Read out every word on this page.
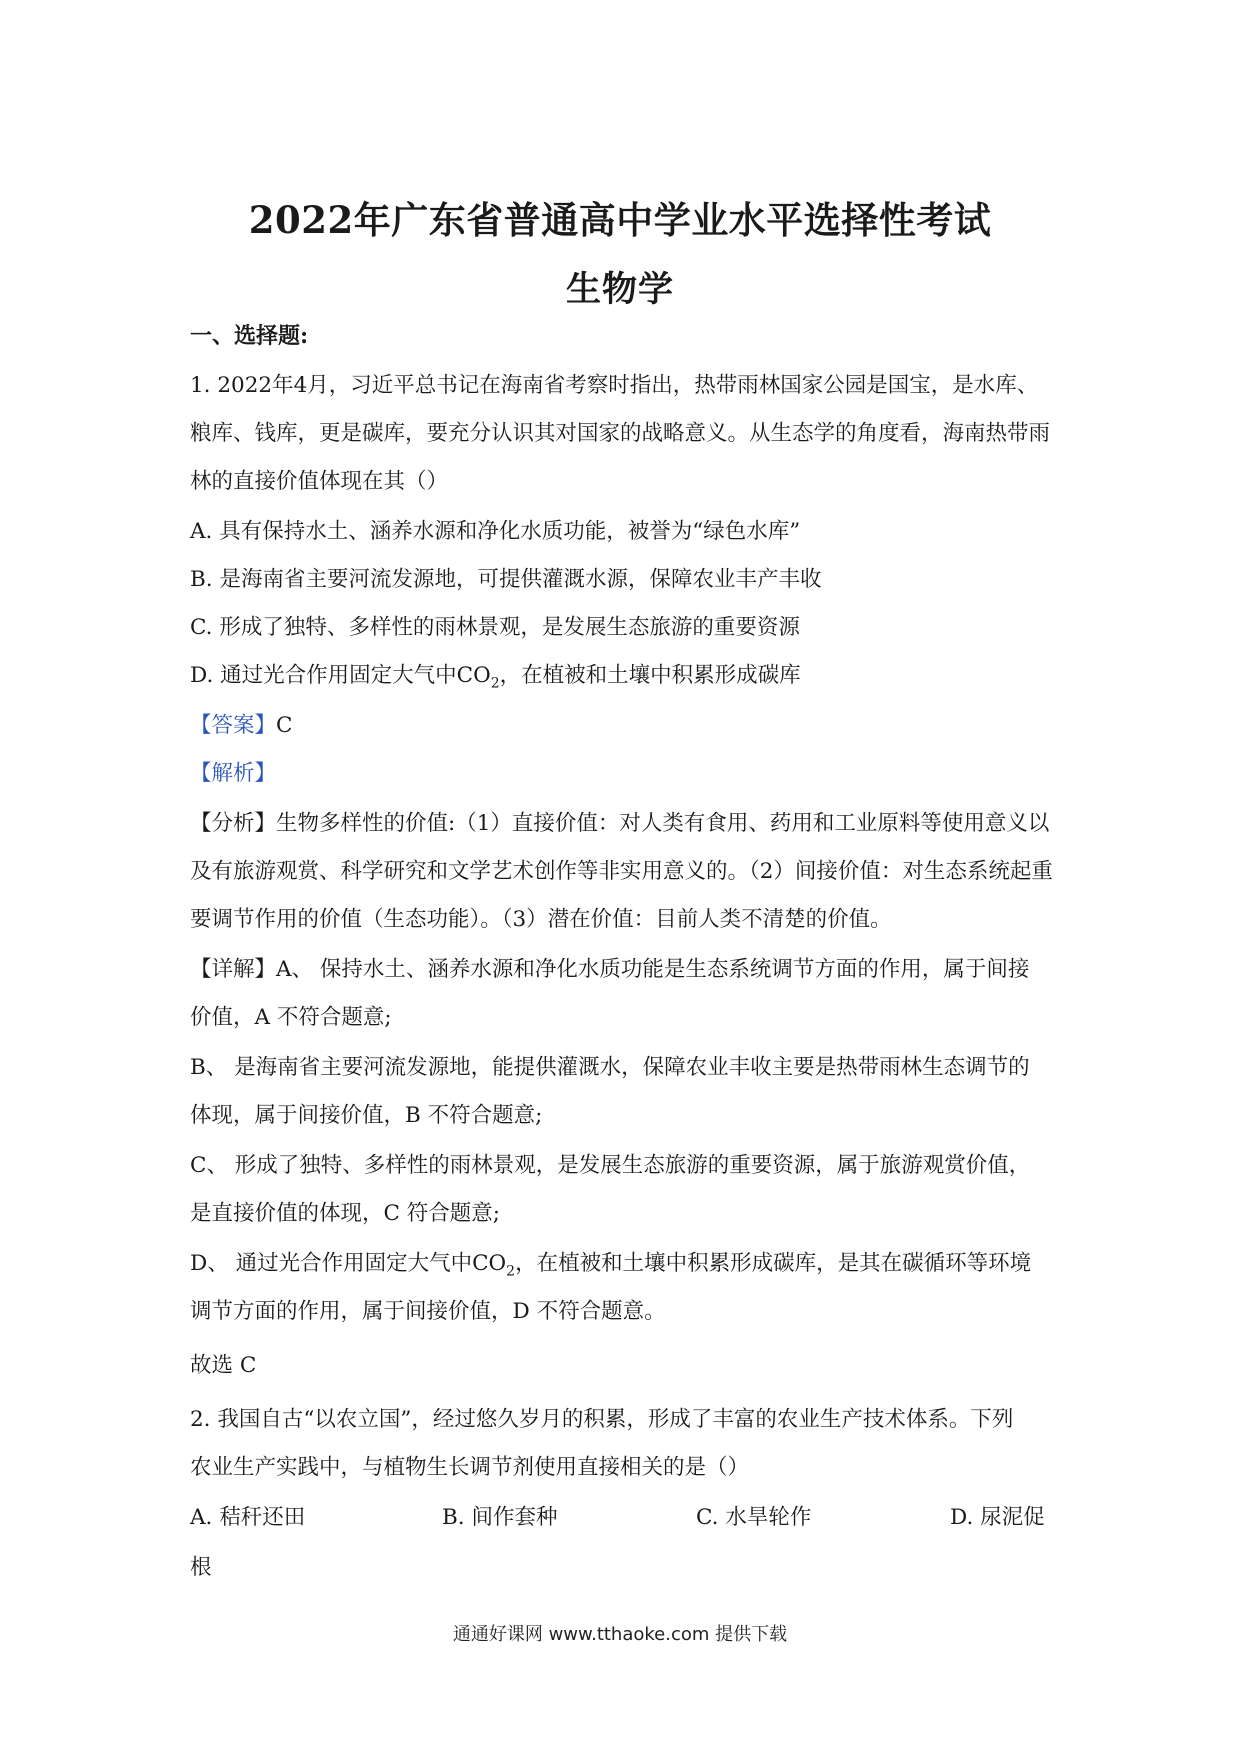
2022年广东省普通高中学业水平选择性考试
生物学
一、选择题:
1. 2022年4月，习近平总书记在海南省考察时指出，热带雨林国家公园是国宝，是水库、
粮库、钱库，更是碳库，要充分认识其对国家的战略意义。从生态学的角度看，海南热带雨
林的直接价值体现在其（）
A. 具有保持水土、涵养水源和净化水质功能，被誉为“绿色水库”
B. 是海南省主要河流发源地，可提供灌溉水源，保障农业丰产丰收
C. 形成了独特、多样性的雨林景观，是发展生态旅游的重要资源
D. 通过光合作用固定大气中$CO_2$，在植被和土壤中积累形成碳库
【答案】C
【解析】
【分析】生物多样性的价值:（1）直接价值：对人类有食用、药用和工业原料等使用意义以
及有旅游观赏、科学研究和文学艺术创作等非实用意义的。（2）间接价值：对生态系统起重
要调节作用的价值（生态功能）。（3）潜在价值：目前人类不清楚的价值。
【详解】A、 保持水土、涵养水源和净化水质功能是生态系统调节方面的作用，属于间接
价值，A 不符合题意;
B、 是海南省主要河流发源地，能提供灌溉水，保障农业丰收主要是热带雨林生态调节的
体现，属于间接价值，B 不符合题意;
C、 形成了独特、多样性的雨林景观，是发展生态旅游的重要资源，属于旅游观赏价值，
是直接价值的体现，C 符合题意;
D、 通过光合作用固定大气中$CO_2$，在植被和土壤中积累形成碳库，是其在碳循环等环境
调节方面的作用，属于间接价值，D 不符合题意。
故选 C
2. 我国自古“以农立国”，经过悠久岁月的积累，形成了丰富的农业生产技术体系。下列
农业生产实践中，与植物生长调节剂使用直接相关的是（）
A. 秸秆还田	B. 间作套种	C. 水旱轮作	D. 尿泥促
根
通通好课网 www.tthaoke.com 提供下载
